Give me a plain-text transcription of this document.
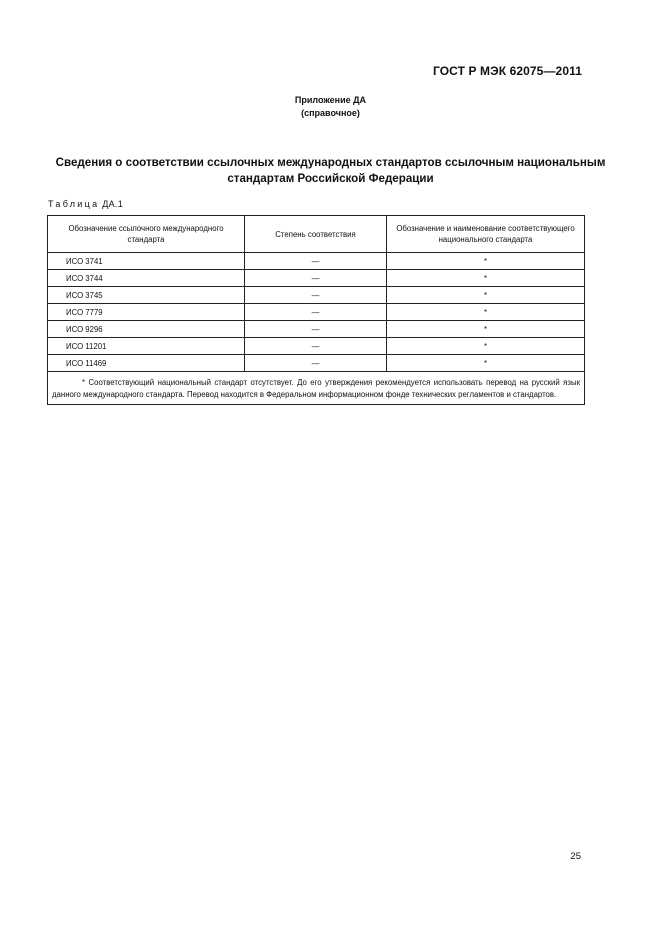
ГОСТ Р МЭК 62075—2011
Приложение ДА
(справочное)
Сведения о соответствии ссылочных международных стандартов ссылочным национальным
стандартам Российской Федерации
Таблица ДА.1
Обозначение ссылочного международного стандарта	Степень соответствия	Обозначение и наименование соответствующего национального стандарта
ИСО 3741	—	*
ИСО 3744	—	*
ИСО 3745	—	*
ИСО 7779	—	*
ИСО 9296	—	*
ИСО 11201	—	*
ИСО 11469	—	*
* Соответствующий национальный стандарт отсутствует. До его утверждения рекомендуется использовать перевод на русский язык данного международного стандарта. Перевод находится в Федеральном информационном фонде технических регламентов и стандартов.		
25
